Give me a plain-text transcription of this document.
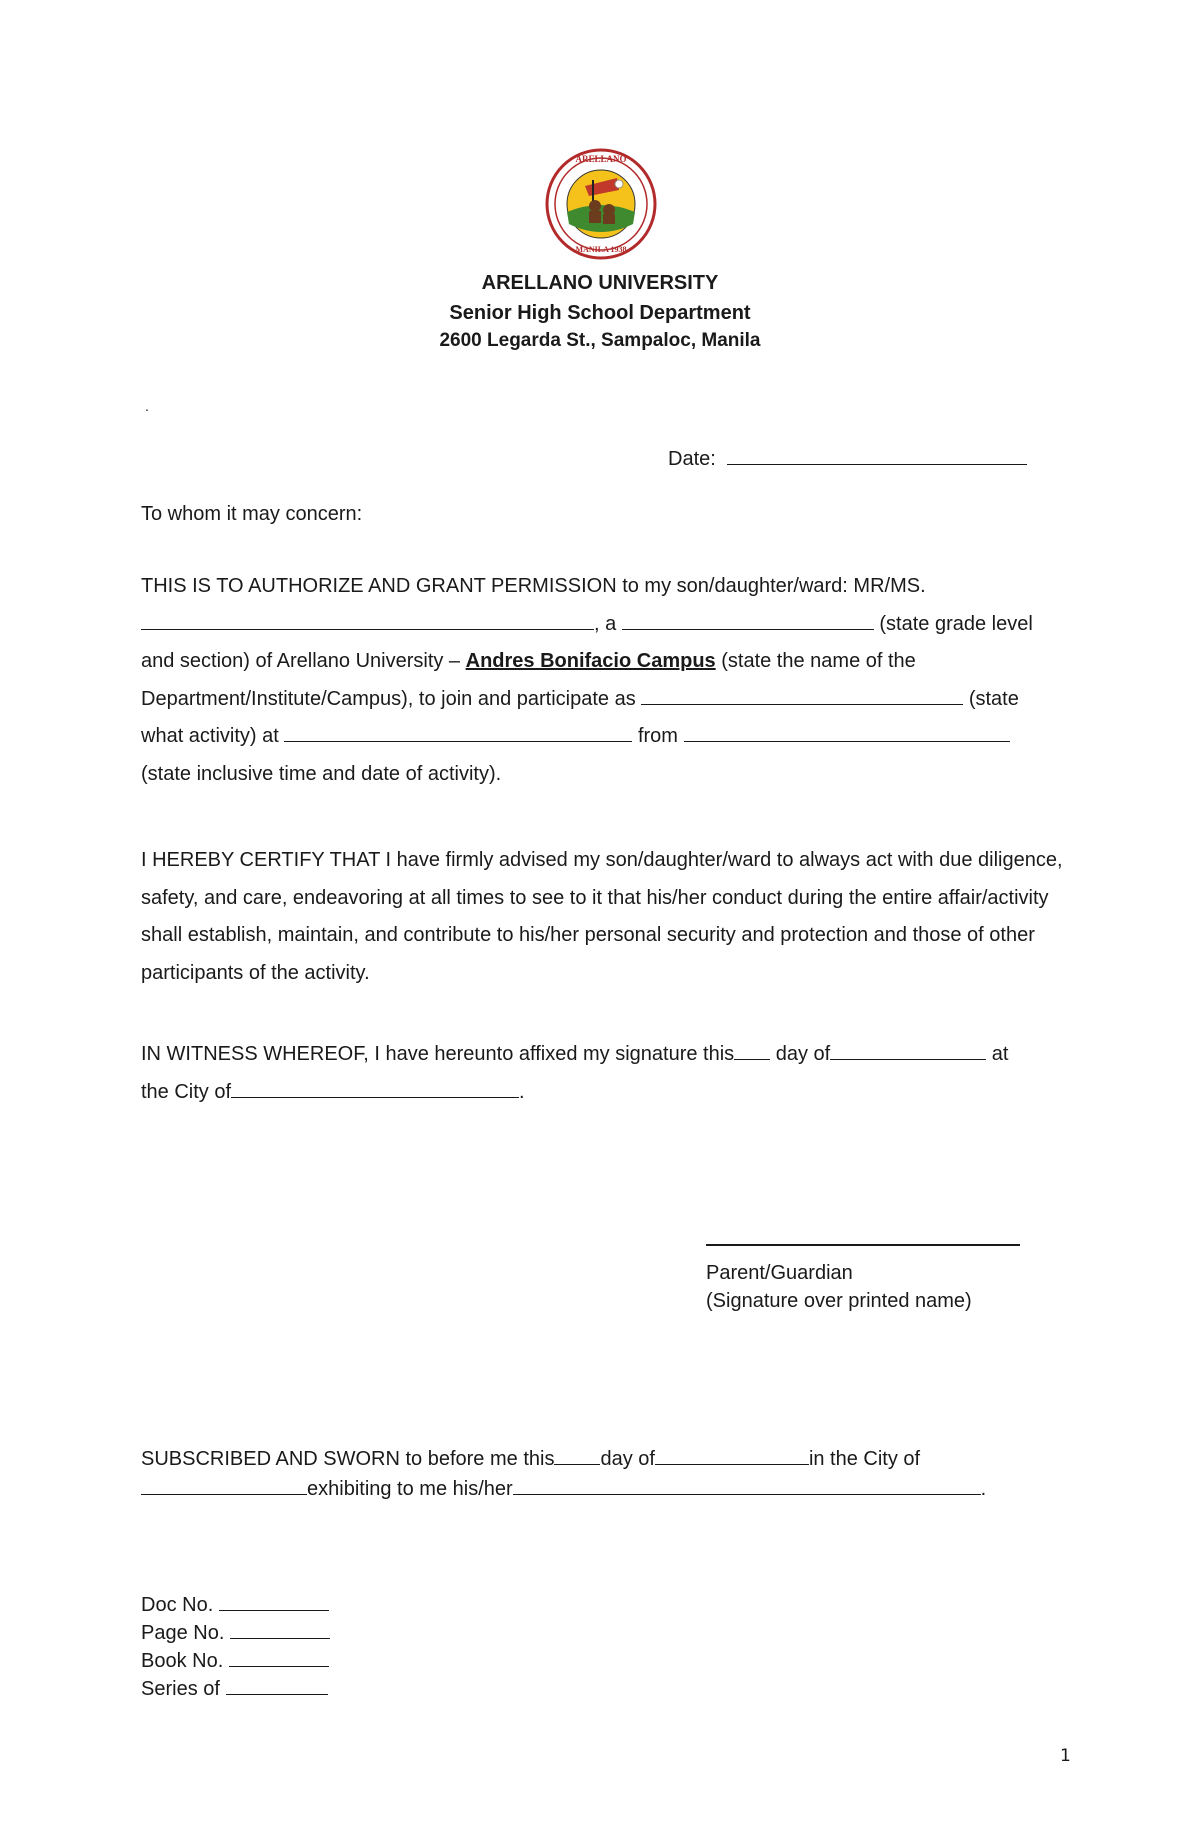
ARELLANO
MANILA 1938
ARELLANO UNIVERSITY
Senior High School Department
2600 Legarda St., Sampaloc, Manila
.
Date:
To whom it may concern:
THIS IS TO AUTHORIZE AND GRANT PERMISSION to my son/daughter/ward: MR/MS.
, a	(state grade level
and section) of Arellano University – Andres Bonifacio Campus (state the name of the
Department/Institute/Campus), to join and participate as	(state
what activity) at	from
(state inclusive time and date of activity).
I HEREBY CERTIFY THAT I have firmly advised my son/daughter/ward to always act with due diligence, safety, and care, endeavoring at all times to see to it that his/her conduct during the entire affair/activity shall establish, maintain, and contribute to his/her personal security and protection and those of other participants of the activity.
IN WITNESS WHEREOF, I have hereunto affixed my signature this day of	at
the City of	.
Parent/Guardian
(Signature over printed name)
SUBSCRIBED AND SWORN to before me this day of	in the City of
exhibiting to me his/her	.
Doc No.
Page No.
Book No.
Series of
1
